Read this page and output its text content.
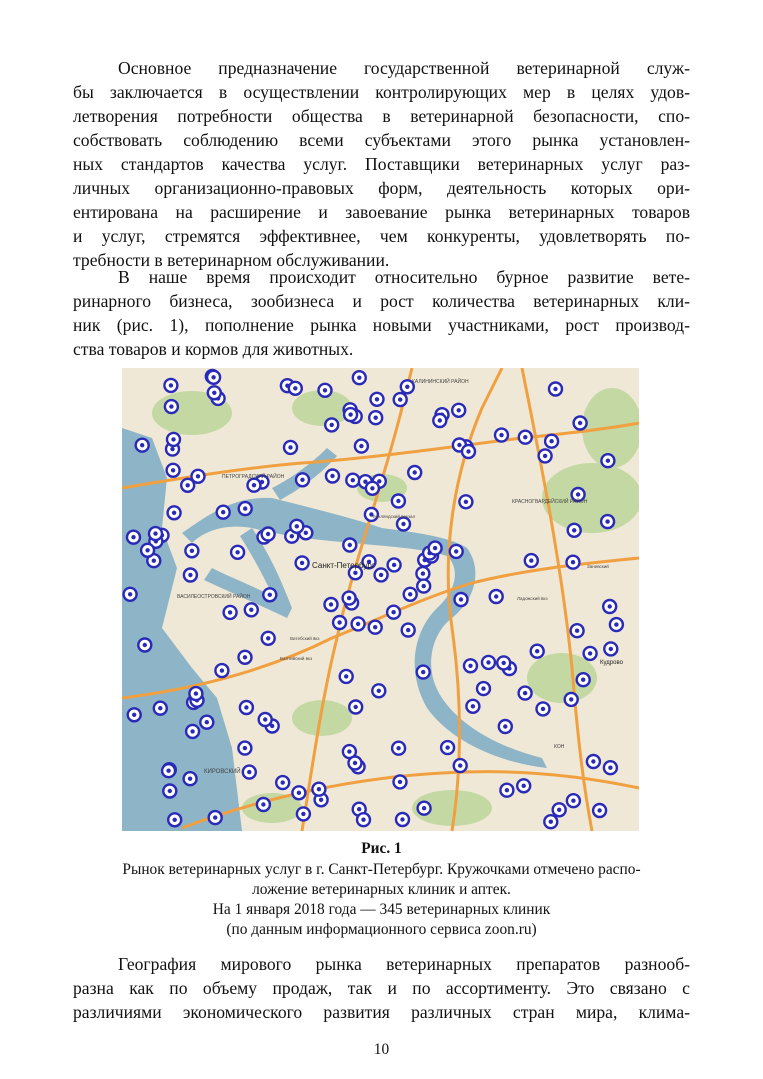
Основное предназначение государственной ветеринарной служ-
бы заключается в осуществлении контролирующих мер в целях удов-
летворения потребности общества в ветеринарной безопасности, спо-
собствовать соблюдению всеми субъектами этого рынка установлен-
ных стандартов качества услуг. Поставщики ветеринарных услуг раз-
личных организационно-правовых форм, деятельность которых ори-
ентирована на расширение и завоевание рынка ветеринарных товаров
и услуг, стремятся эффективнее, чем конкуренты, удовлетворять по-
требности в ветеринарном обслуживании.
В наше время происходит относительно бурное развитие вете-
ринарного бизнеса, зообизнеса и рост количества ветеринарных кли-
ник (рис. 1), пополнение рынка новыми участниками, рост производ-
ства товаров и кормов для животных.
Санкт-Петербург
ПЕТРОГРАДСКИЙ РАЙОН
ВАСИЛЕОСТРОВСКИЙ РАЙОН
КАЛИНИНСКИЙ РАЙОН
КРАСНОГВАРДЕЙСКИЙ РАЙОН
КИРОВСКИЙ
Кудрово
Финляндский вокзал
Витебский вкз
Балтийский вкз
Ладожский вкз
Заневский
КОН
Рис. 1
Рынок ветеринарных услуг в г. Санкт-Петербург. Кружочками отмечено распо-
ложение ветеринарных клиник и аптек.
На 1 января 2018 года — 345 ветеринарных клиник
(по данным информационного сервиса zoon.ru)
География мирового рынка ветеринарных препаратов разнооб-
разна как по объему продаж, так и по ассортименту. Это связано с
различиями экономического развития различных стран мира, клима-
10
